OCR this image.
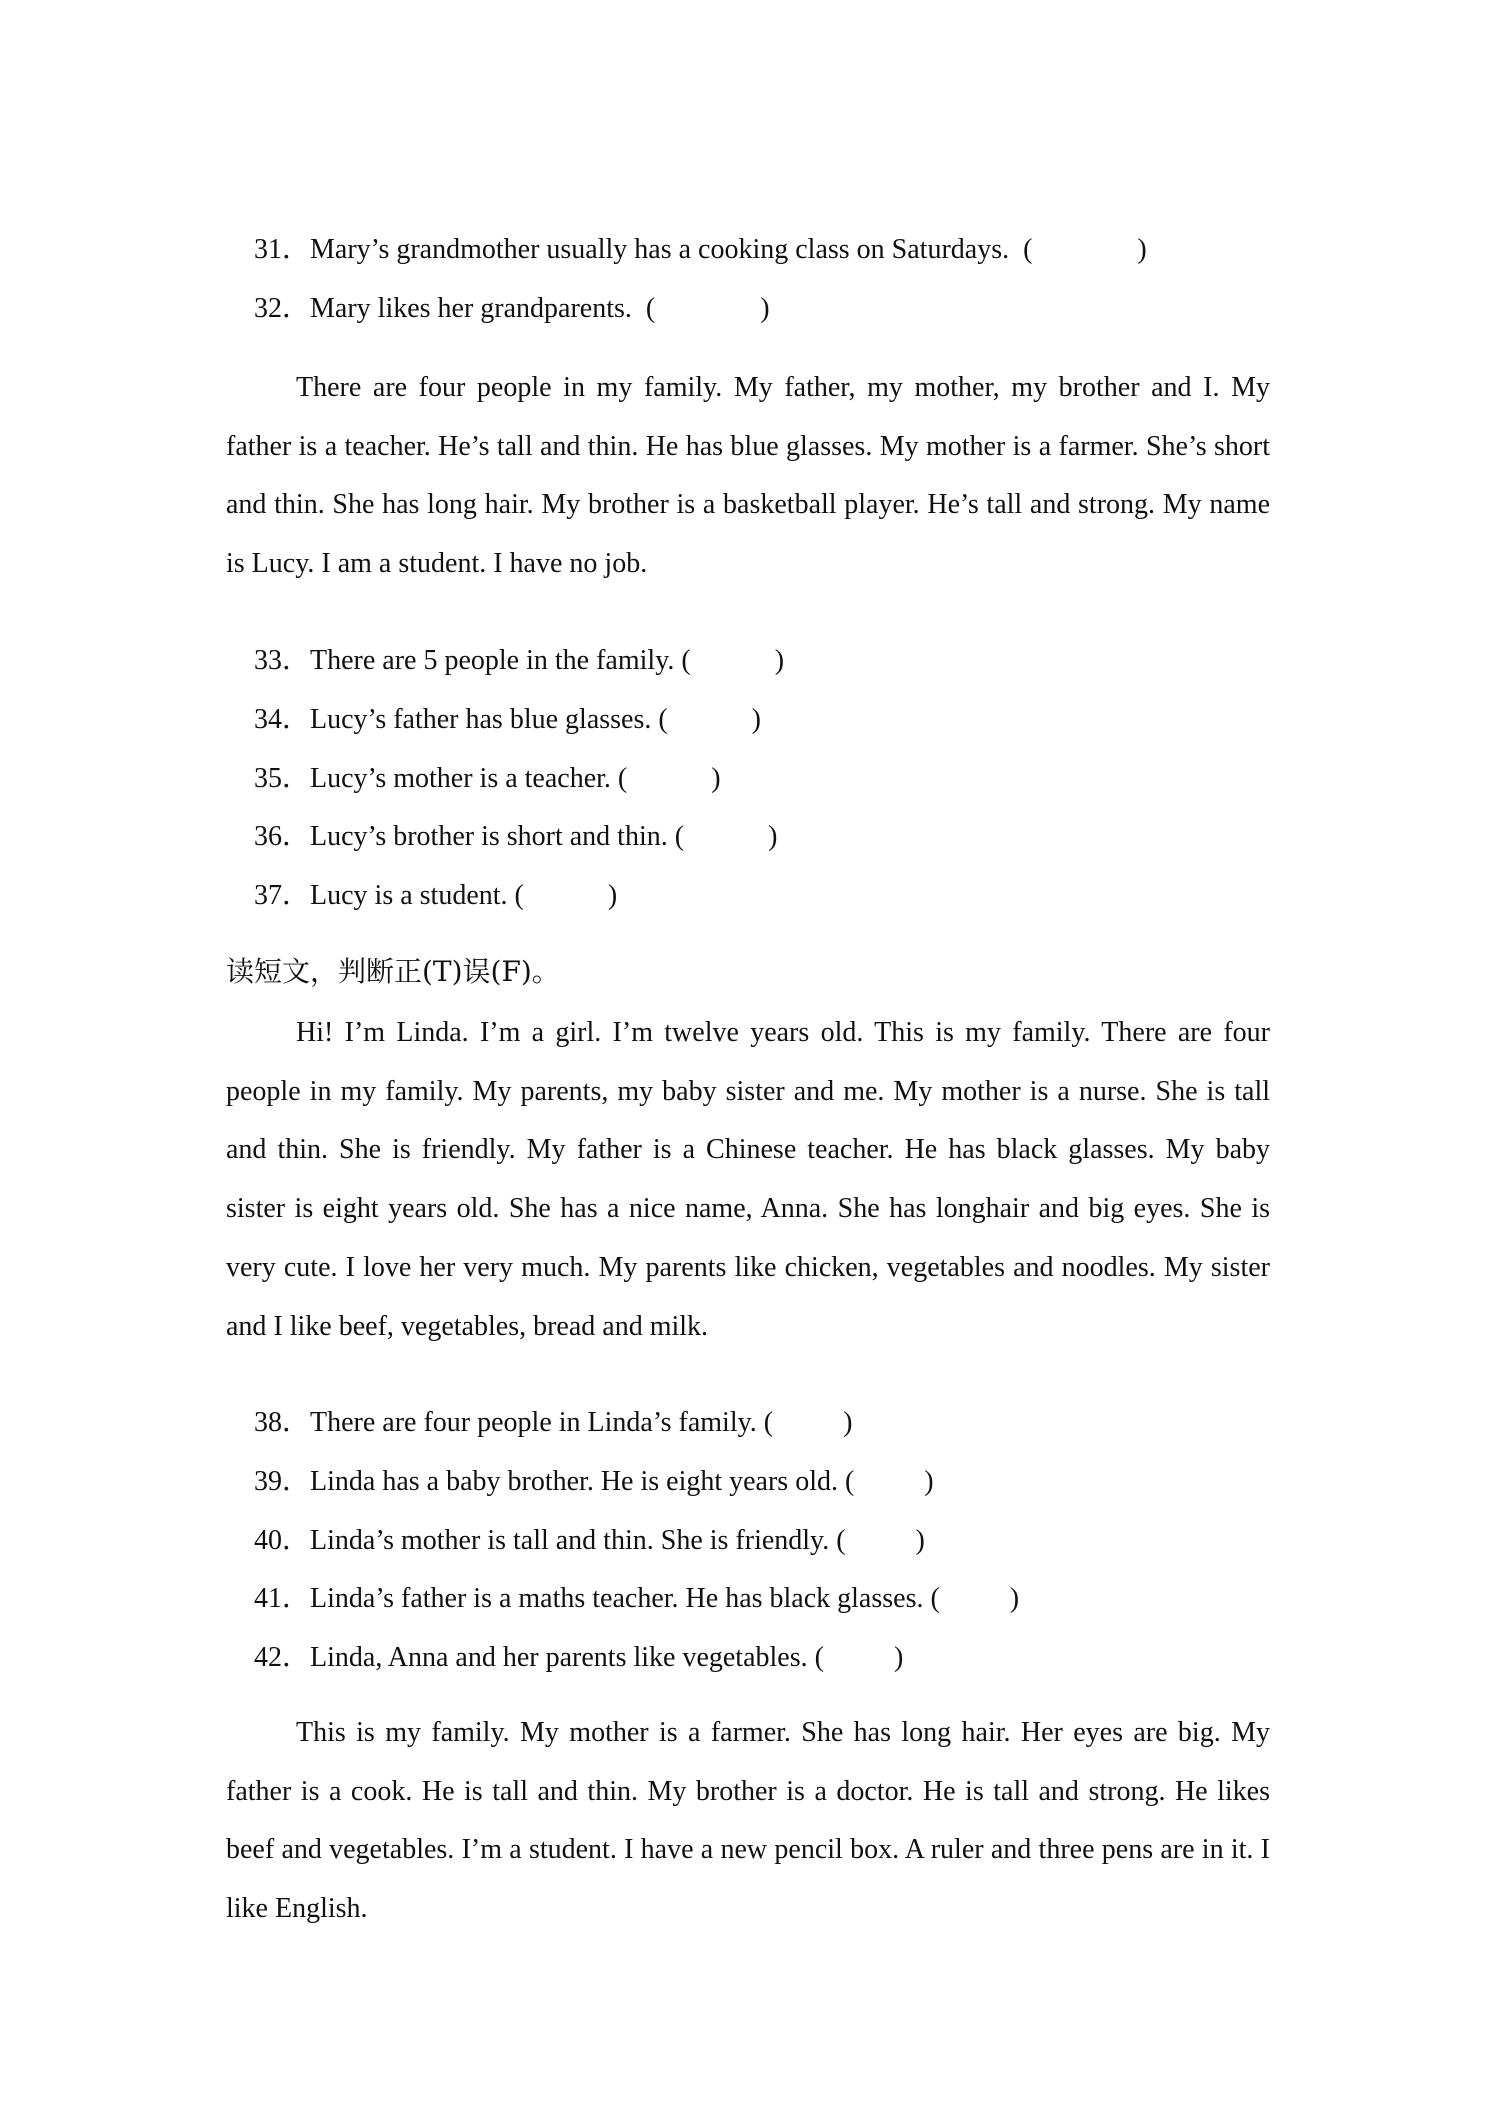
31．Mary’s grandmother usually has a cooking class on Saturdays.  (               )

32．Mary likes her grandparents.  (               )

There are four people in my family. My father, my mother, my brother and I. My father is a teacher. He’s tall and thin. He has blue glasses. My mother is a farmer. She’s short and thin. She has long hair. My brother is a basketball player. He’s tall and strong. My name is Lucy. I am a student. I have no job.

33．There are 5 people in the family. (            )

34．Lucy’s father has blue glasses. (            )

35．Lucy’s mother is a teacher. (            )

36．Lucy’s brother is short and thin. (            )

37．Lucy is a student. (            )

读短文，判断正(T)误(F)。
Hi! I’m Linda. I’m a girl. I’m twelve years old. This is my family. There are four people in my family. My parents, my baby sister and me. My mother is a nurse. She is tall and thin. She is friendly. My father is a Chinese teacher. He has black glasses. My baby sister is eight years old. She has a nice name, Anna. She has longhair and big eyes. She is very cute. I love her very much. My parents like chicken, vegetables and noodles. My sister and I like beef, vegetables, bread and milk.

38．There are four people in Linda’s family. (          )

39．Linda has a baby brother. He is eight years old. (          )

40．Linda’s mother is tall and thin. She is friendly. (          )

41．Linda’s father is a maths teacher. He has black glasses. (          )

42．Linda, Anna and her parents like vegetables. (          )

This is my family. My mother is a farmer. She has long hair. Her eyes are big. My father is a cook. He is tall and thin. My brother is a doctor. He is tall and strong. He likes beef and vegetables. I’m a student. I have a new pencil box. A ruler and three pens are in it. I like English.
